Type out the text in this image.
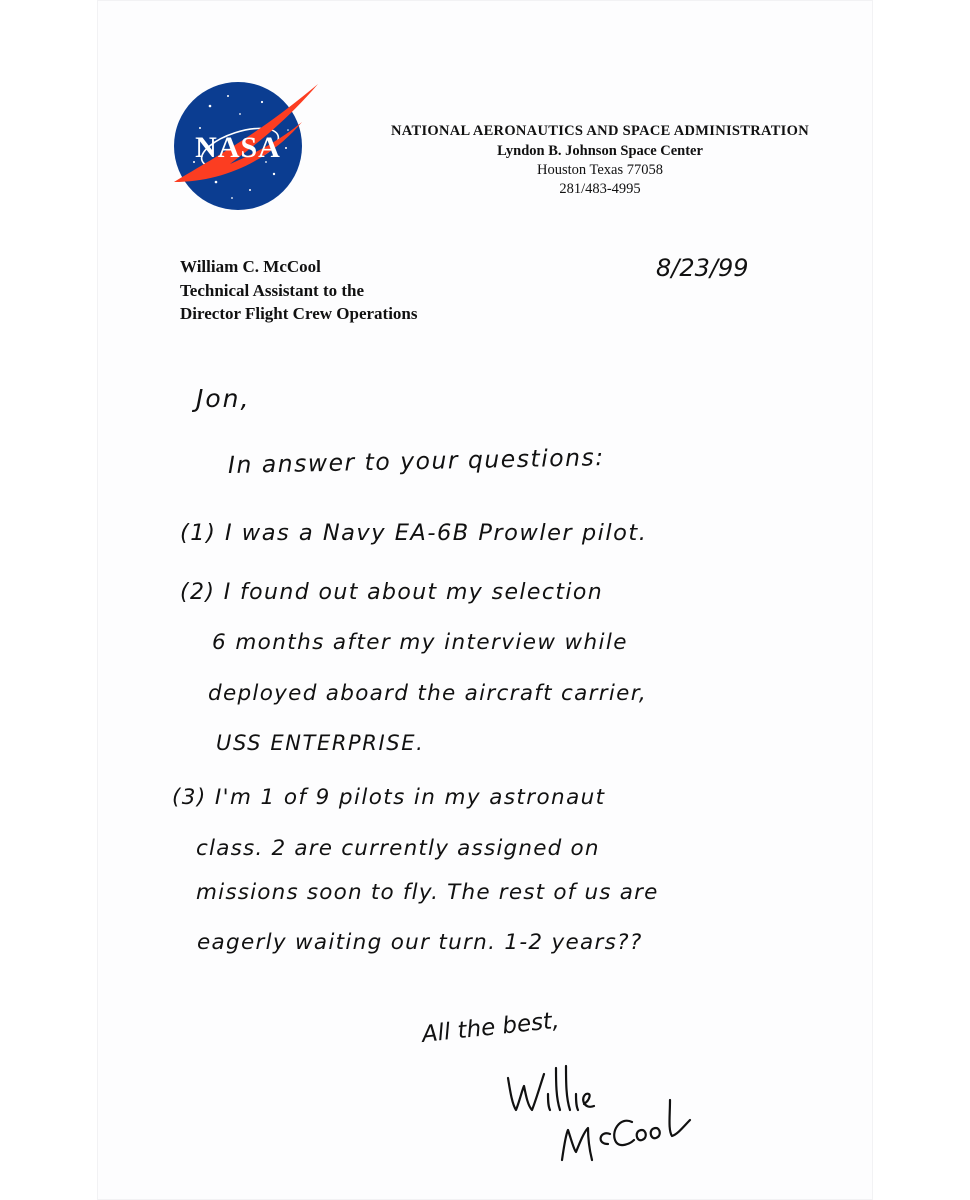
NASA	NATIONAL AERONAUTICS AND SPACE ADMINISTRATION
Lyndon B. Johnson Space Center
Houston Texas 77058
281/483-4995
William C. McCool
Technical Assistant to the
Director Flight Crew Operations
8/23/99
Jon,
In answer to your questions:
(1) I was a Navy EA-6B Prowler pilot.
(2) I found out about my selection
6 months after my interview while
deployed aboard the aircraft carrier,
USS ENTERPRISE.
(3) I'm 1 of 9 pilots in my astronaut
class. 2 are currently assigned on
missions soon to fly. The rest of us are
eagerly waiting our turn. 1-2 years??
All the best,
